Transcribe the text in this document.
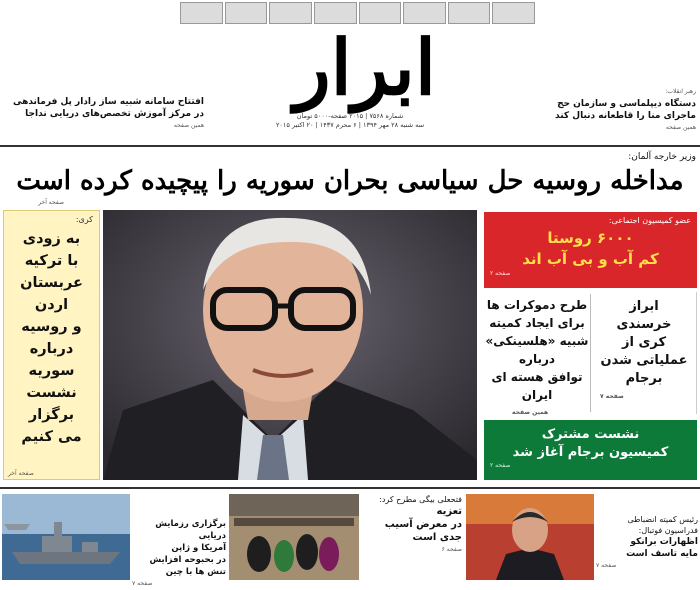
ابرار
شماره ۷۵۶۸ | ۲۰۱۵ صفحه-۵۰۰۰ تومان
سه شنبه ۲۸ مهر ۱۳۹۴ | ۶ محرم ۱۴۳۷ | ۲۰ اکتبر ۲۰۱۵
افتتاح سامانه شبیه ساز رادار پل فرماندهی
در مرکز آموزش تخصص‌های دریایی نداجا
همین صفحه
رهبر انقلاب:
دستگاه دیپلماسی و سازمان حج
ماجرای منا را قاطعانه دنبال کند
همین صفحه
وزیر خارجه آلمان:
مداخله روسیه حل سیاسی بحران سوریه را پیچیده کرده است
صفحه آخر
کری:
به زودی
با ترکیه
عربستان
اردن
و روسیه
درباره
سوریه
نشست
برگزار
می کنیم
صفحه آخر
عضو کمیسیون اجتماعی:
۶۰۰۰ روستا
کم آب و بی آب اند
صفحه ۲
طرح دموکرات ها
برای ایجاد کمیته
شبیه «هلسینکی»
درباره
توافق هسته ای
ایران
همین صفحه
ابراز
خرسندی
کری از
عملیاتی شدن
برجام
صفحه ۷
نشست مشترک
کمیسیون برجام آغاز شد
صفحه ۲
برگزاری رزمایش دریایی
آمریکا و ژاپن
در بحبوحه افزایش
تنش ها با چین
صفحه ۷
فتحعلی بیگی مطرح کرد:
تعزیه
در معرض آسیب
جدی است
صفحه ۶
رئیس کمیته انضباطی
فدراسیون فوتبال:
اظهارات برانکو
مایه تاسف است
صفحه ۷
